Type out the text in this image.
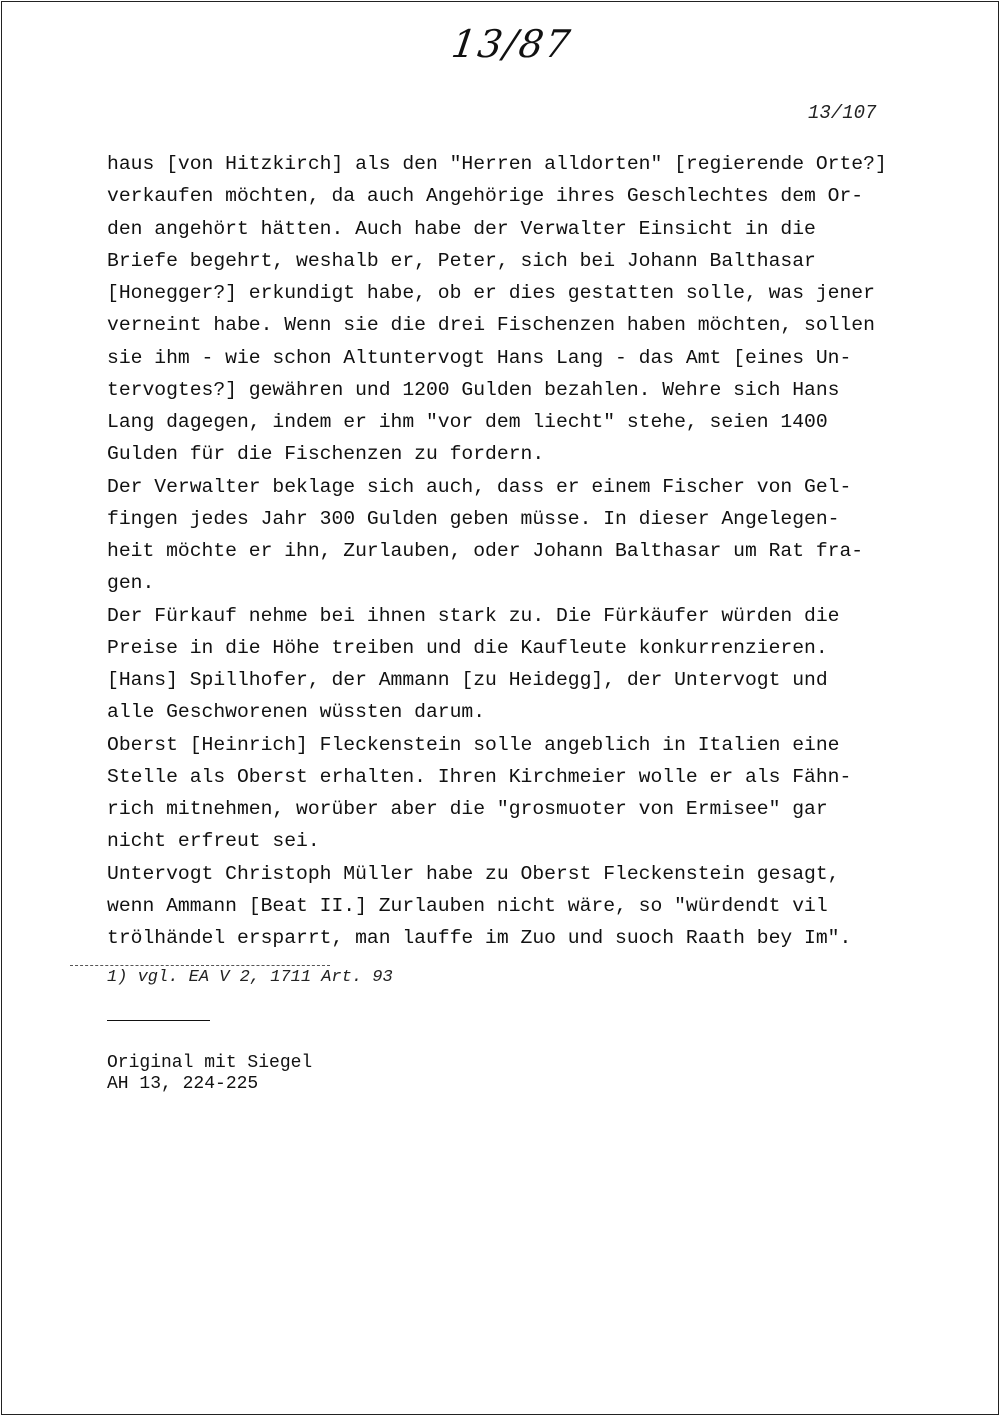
13/87
13/107
haus [von Hitzkirch] als den "Herren alldorten" [regierende Orte?]
verkaufen möchten, da auch Angehörige ihres Geschlechtes dem Or-
den angehört hätten. Auch habe der Verwalter Einsicht in die
Briefe begehrt, weshalb er, Peter, sich bei Johann Balthasar
[Honegger?] erkundigt habe, ob er dies gestatten solle, was jener
verneint habe. Wenn sie die drei Fischenzen haben möchten, sollen
sie ihm - wie schon Altuntervogt Hans Lang - das Amt [eines Un-
tervogtes?] gewähren und 1200 Gulden bezahlen. Wehre sich Hans
Lang dagegen, indem er ihm "vor dem liecht" stehe, seien 1400
Gulden für die Fischenzen zu fordern.
Der Verwalter beklage sich auch, dass er einem Fischer von Gel-
fingen jedes Jahr 300 Gulden geben müsse. In dieser Angelegen-
heit möchte er ihn, Zurlauben, oder Johann Balthasar um Rat fra-
gen.
Der Fürkauf nehme bei ihnen stark zu. Die Fürkäufer würden die
Preise in die Höhe treiben und die Kaufleute konkurrenzieren.
[Hans] Spillhofer, der Ammann [zu Heidegg], der Untervogt und
alle Geschworenen wüssten darum.
Oberst [Heinrich] Fleckenstein solle angeblich in Italien eine
Stelle als Oberst erhalten. Ihren Kirchmeier wolle er als Fähn-
rich mitnehmen, worüber aber die "grosmuoter von Ermisee" gar
nicht erfreut sei.
Untervogt Christoph Müller habe zu Oberst Fleckenstein gesagt,
wenn Ammann [Beat II.] Zurlauben nicht wäre, so "würdendt vil
trölhändel ersparrt, man lauffe im Zuo und suoch Raath bey Im".
1) vgl. EA V 2, 1711 Art. 93

Original mit Siegel
AH 13, 224-225
